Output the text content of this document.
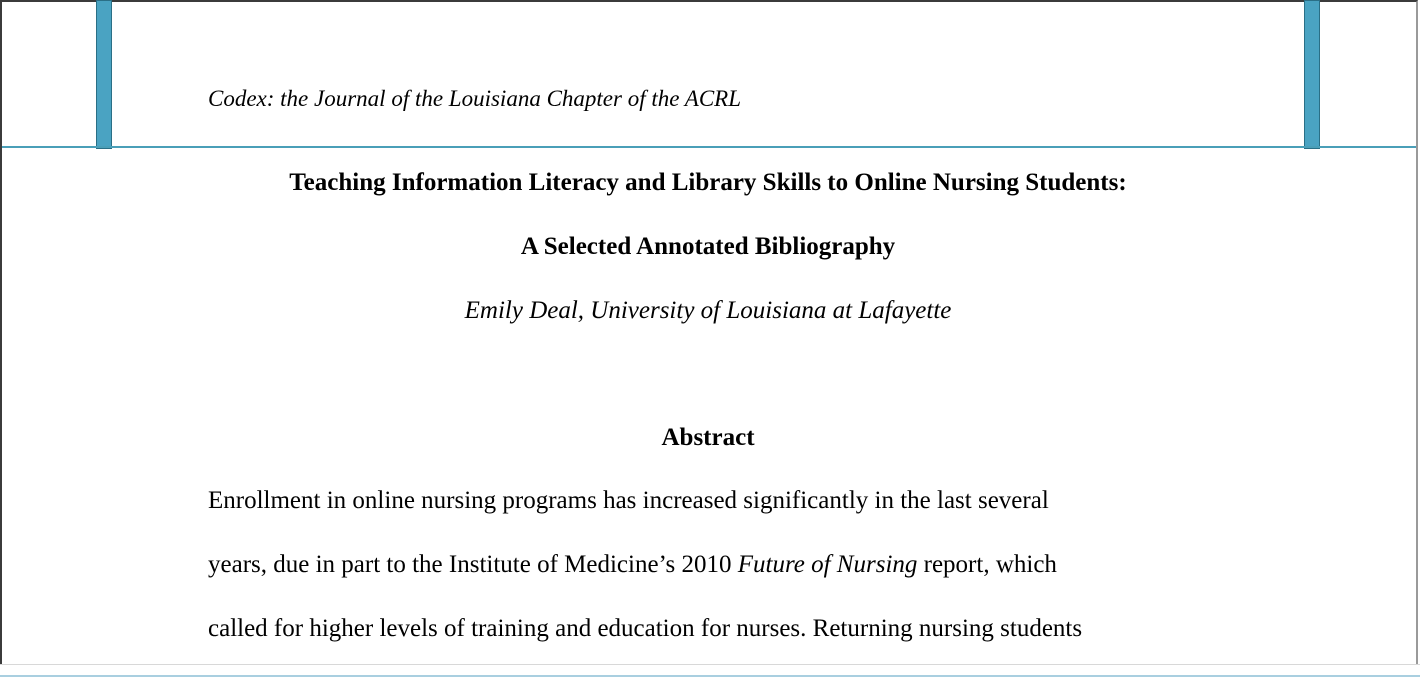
Codex: the Journal of the Louisiana Chapter of the ACRL
Teaching Information Literacy and Library Skills to Online Nursing Students:
A Selected Annotated Bibliography
Emily Deal, University of Louisiana at Lafayette
Abstract
Enrollment in online nursing programs has increased significantly in the last several
years, due in part to the Institute of Medicine’s 2010 Future of Nursing report, which
called for higher levels of training and education for nurses. Returning nursing students
